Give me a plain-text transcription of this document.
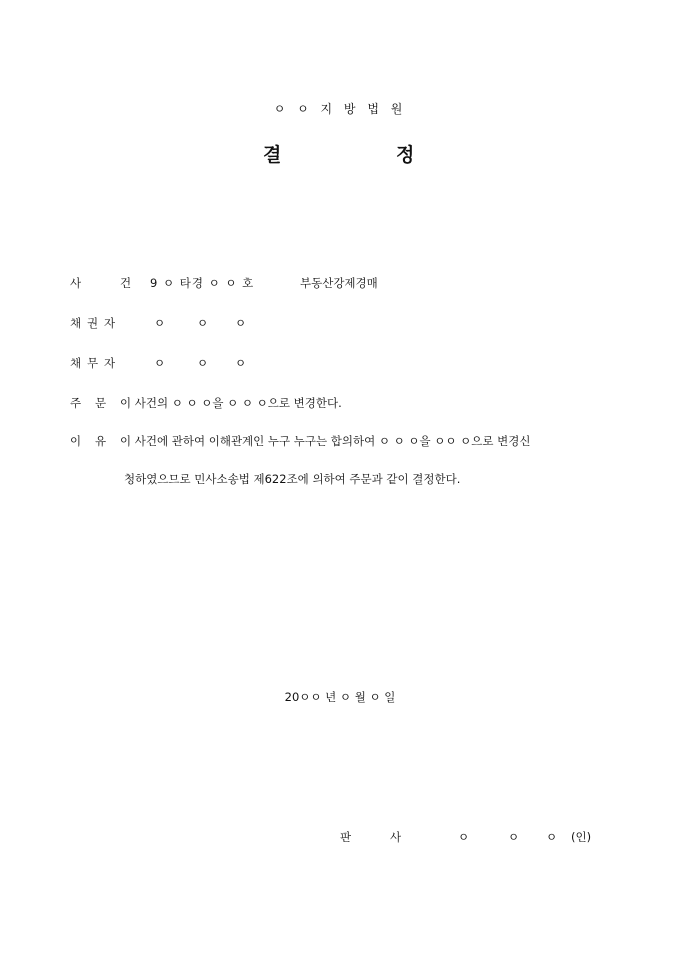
ㅇ ㅇ 지 방 법 원
결	정
사	건 9 ㅇ 타경 ㅇ ㅇ 호	부동산강제경매
채 권 자	ㅇ	ㅇ ㅇ
채 무 자	ㅇ	ㅇ ㅇ
주 문 이 사건의 ㅇ ㅇ ㅇ을 ㅇ ㅇ ㅇ으로 변경한다.
이 유 이 사건에 관하여 이해관계인 누구 누구는 합의하여 ㅇ ㅇ ㅇ을 ㅇㅇ ㅇ으로 변경신
청하였으므로 민사소송법 제622조에 의하여 주문과 같이 결정한다.
20ㅇㅇ 년 ㅇ 월 ㅇ 일
판	사	ㅇ	ㅇ ㅇ (인)
